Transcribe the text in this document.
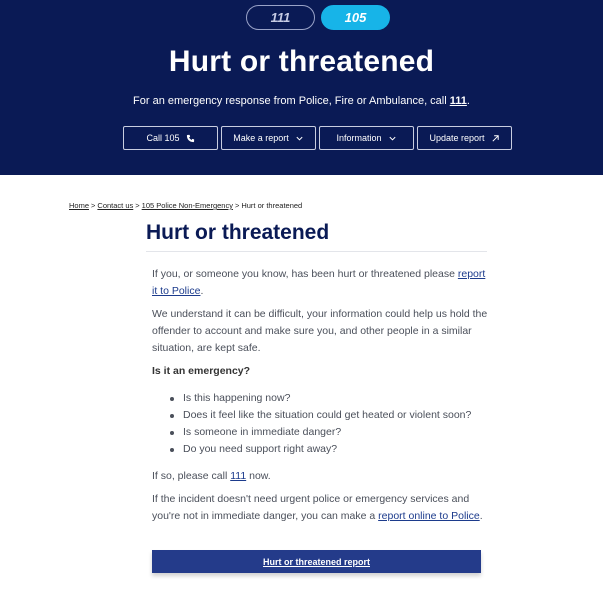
111	105
Hurt or threatened
For an emergency response from Police, Fire or Ambulance, call 111.
Call 105	Make a report	Information	Update report
Home > Contact us > 105 Police Non-Emergency > Hurt or threatened
Hurt or threatened

If you, or someone you know, has been hurt or threatened please report it to Police.

We understand it can be difficult, your information could help us hold the offender to account and make sure you, and other people in a similar situation, are kept safe.

Is it an emergency?
Is this happening now?
Does it feel like the situation could get heated or violent soon?
Is someone in immediate danger?
Do you need support right away?

If so, please call 111 now.

If the incident doesn't need urgent police or emergency services and you're not in immediate danger, you can make a report online to Police.

Hurt or threatened report
